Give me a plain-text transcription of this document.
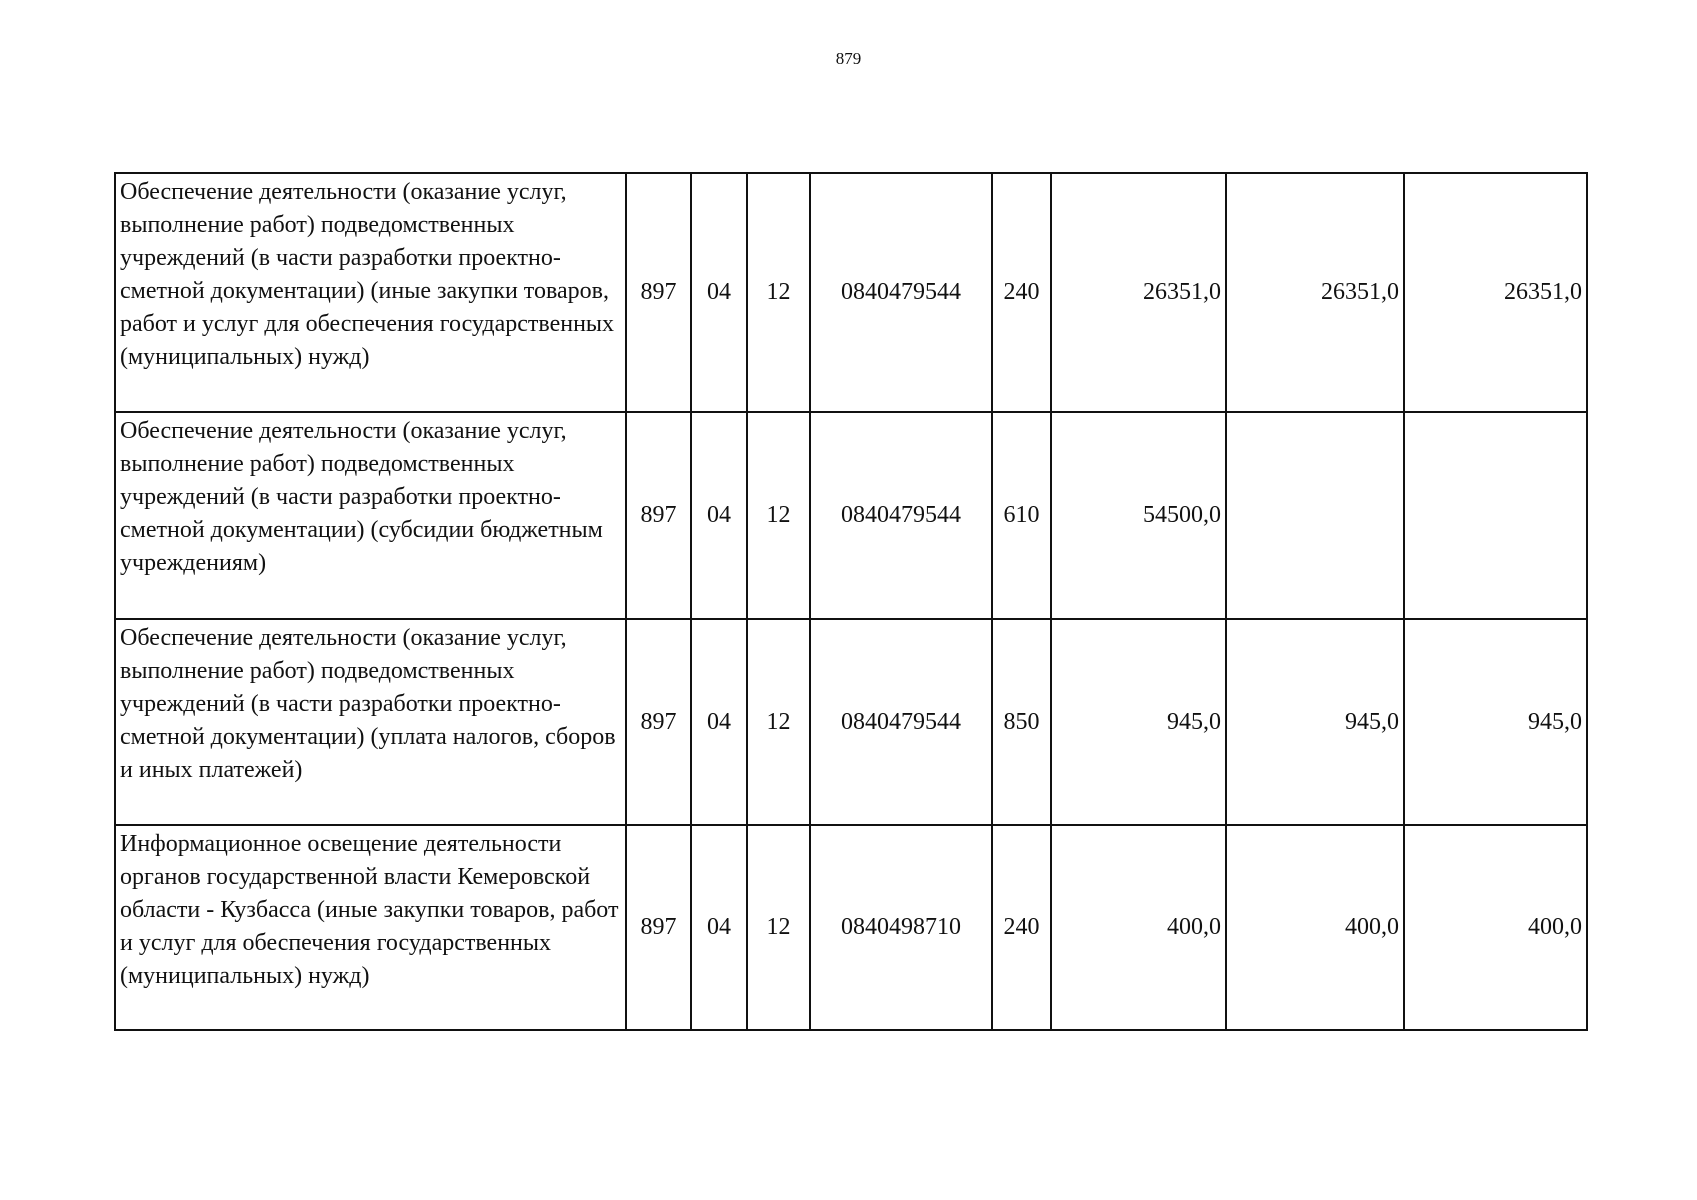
879
Обеспечение деятельности (оказание услуг, выполнение работ) подведомственных учреждений (в части разработки проектно-сметной документации) (иные закупки товаров, работ и услуг для обеспечения государственных (муниципальных) нужд)	897	04	12	0840479544	240	26351,0	26351,0	26351,0
Обеспечение деятельности (оказание услуг, выполнение работ) подведомственных учреждений (в части разработки проектно-сметной документации) (субсидии бюджетным учреждениям)	897	04	12	0840479544	610	54500,0		
Обеспечение деятельности (оказание услуг, выполнение работ) подведомственных учреждений (в части разработки проектно-сметной документации) (уплата налогов, сборов и иных платежей)	897	04	12	0840479544	850	945,0	945,0	945,0
Информационное освещение деятельности органов государственной власти Кемеровской области - Кузбасса (иные закупки товаров, работ и услуг для обеспечения государственных (муниципальных) нужд)	897	04	12	0840498710	240	400,0	400,0	400,0
